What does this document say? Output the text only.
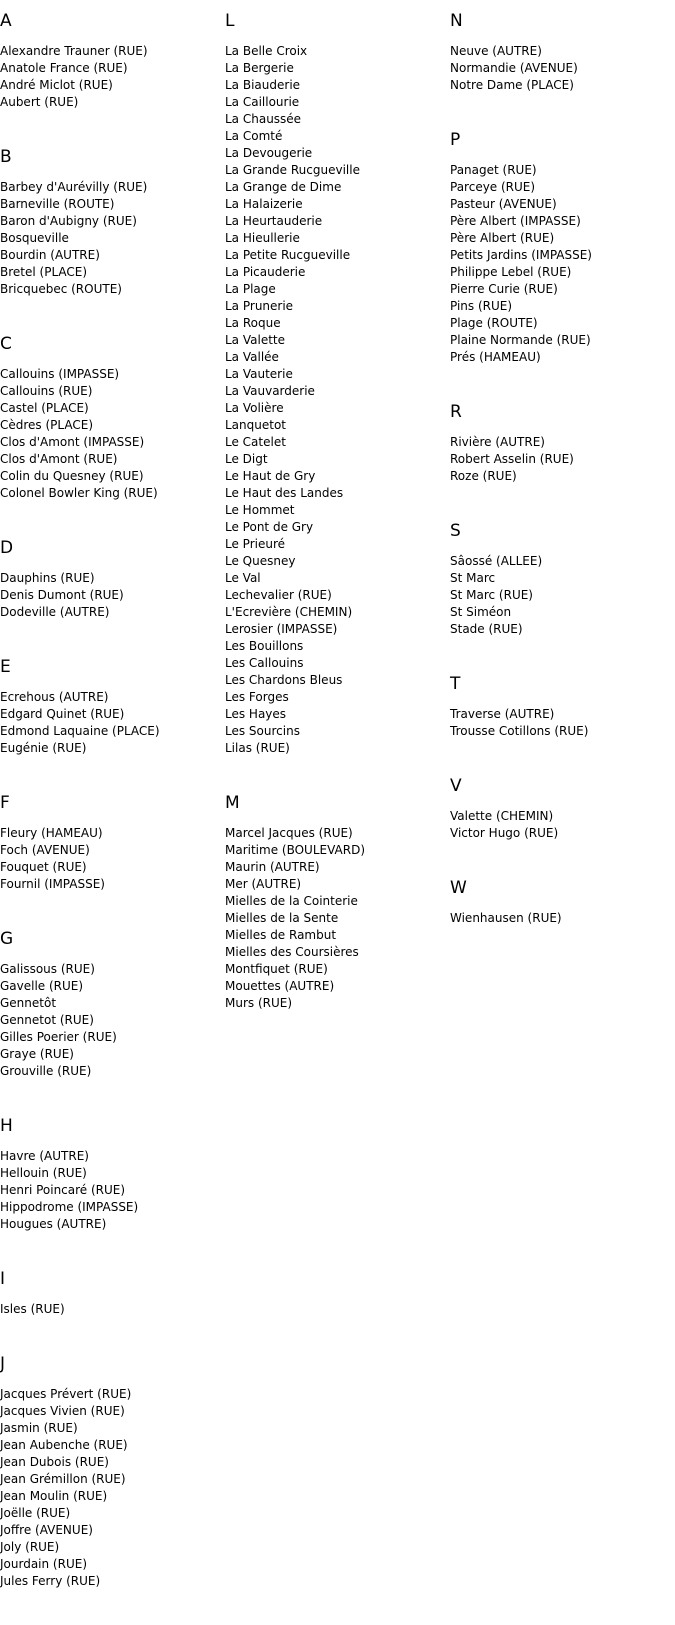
A
Alexandre Trauner (RUE)
Anatole France (RUE)
André Miclot (RUE)
Aubert (RUE)
B
Barbey d'Aurévilly (RUE)
Barneville (ROUTE)
Baron d'Aubigny (RUE)
Bosqueville
Bourdin (AUTRE)
Bretel (PLACE)
Bricquebec (ROUTE)
C
Callouins (IMPASSE)
Callouins (RUE)
Castel (PLACE)
Cèdres (PLACE)
Clos d'Amont (IMPASSE)
Clos d'Amont (RUE)
Colin du Quesney (RUE)
Colonel Bowler King (RUE)
D
Dauphins (RUE)
Denis Dumont (RUE)
Dodeville (AUTRE)
E
Ecrehous (AUTRE)
Edgard Quinet (RUE)
Edmond Laquaine (PLACE)
Eugénie (RUE)
F
Fleury (HAMEAU)
Foch (AVENUE)
Fouquet (RUE)
Fournil (IMPASSE)
G
Galissous (RUE)
Gavelle (RUE)
Gennetôt
Gennetot (RUE)
Gilles Poerier (RUE)
Graye (RUE)
Grouville (RUE)
H
Havre (AUTRE)
Hellouin (RUE)
Henri Poincaré (RUE)
Hippodrome (IMPASSE)
Hougues (AUTRE)
I
Isles (RUE)
J
Jacques Prévert (RUE)
Jacques Vivien (RUE)
Jasmin (RUE)
Jean Aubenche (RUE)
Jean Dubois (RUE)
Jean Grémillon (RUE)
Jean Moulin (RUE)
Joëlle (RUE)
Joffre (AVENUE)
Joly (RUE)
Jourdain (RUE)
Jules Ferry (RUE)
L
La Belle Croix
La Bergerie
La Biauderie
La Caillourie
La Chaussée
La Comté
La Devougerie
La Grande Rucgueville
La Grange de Dime
La Halaizerie
La Heurtauderie
La Hieullerie
La Petite Rucgueville
La Picauderie
La Plage
La Prunerie
La Roque
La Valette
La Vallée
La Vauterie
La Vauvarderie
La Volière
Lanquetot
Le Catelet
Le Digt
Le Haut de Gry
Le Haut des Landes
Le Hommet
Le Pont de Gry
Le Prieuré
Le Quesney
Le Val
Lechevalier (RUE)
L'Ecrevière (CHEMIN)
Lerosier (IMPASSE)
Les Bouillons
Les Callouins
Les Chardons Bleus
Les Forges
Les Hayes
Les Sourcins
Lilas (RUE)
M
Marcel Jacques (RUE)
Maritime (BOULEVARD)
Maurin (AUTRE)
Mer (AUTRE)
Mielles de la Cointerie
Mielles de la Sente
Mielles de Rambut
Mielles des Coursières
Montfiquet (RUE)
Mouettes (AUTRE)
Murs (RUE)
N
Neuve (AUTRE)
Normandie (AVENUE)
Notre Dame (PLACE)
P
Panaget (RUE)
Parceye (RUE)
Pasteur (AVENUE)
Père Albert (IMPASSE)
Père Albert (RUE)
Petits Jardins (IMPASSE)
Philippe Lebel (RUE)
Pierre Curie (RUE)
Pins (RUE)
Plage (ROUTE)
Plaine Normande (RUE)
Prés (HAMEAU)
R
Rivière (AUTRE)
Robert Asselin (RUE)
Roze (RUE)
S
Sâossé (ALLEE)
St Marc
St Marc (RUE)
St Siméon
Stade (RUE)
T
Traverse (AUTRE)
Trousse Cotillons (RUE)
V
Valette (CHEMIN)
Victor Hugo (RUE)
W
Wienhausen (RUE)
